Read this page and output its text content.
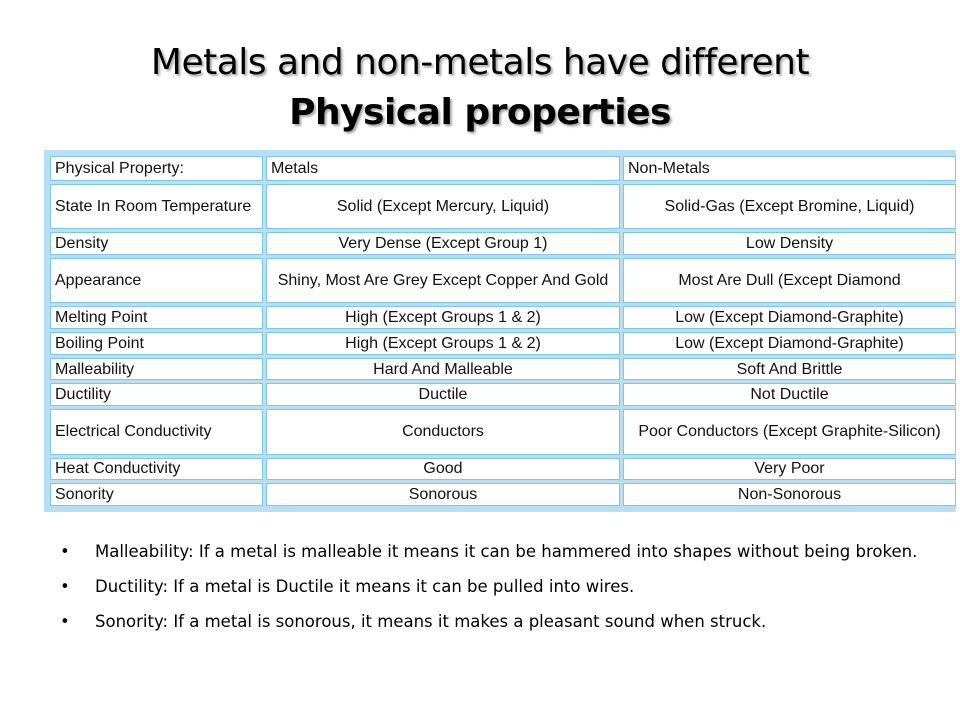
Metals and non-metals have different
Physical properties
Physical Property:	Metals	Non-Metals
State In Room Temperature	Solid (Except Mercury, Liquid)	Solid-Gas (Except Bromine, Liquid)
Density	Very Dense (Except Group 1)	Low Density
Appearance	Shiny, Most Are Grey Except Copper And Gold	Most Are Dull (Except Diamond
Melting Point	High (Except Groups 1 & 2)	Low (Except Diamond-Graphite)
Boiling Point	High (Except Groups 1 & 2)	Low (Except Diamond-Graphite)
Malleability	Hard And Malleable	Soft And Brittle
Ductility	Ductile	Not Ductile
Electrical Conductivity	Conductors	Poor Conductors (Except Graphite-Silicon)
Heat Conductivity	Good	Very Poor
Sonority	Sonorous	Non-Sonorous
• Malleability: If a metal is malleable it means it can be hammered into shapes without being broken.
• Ductility: If a metal is Ductile it means it can be pulled into wires.
• Sonority: If a metal is sonorous, it means it makes a pleasant sound when struck.
